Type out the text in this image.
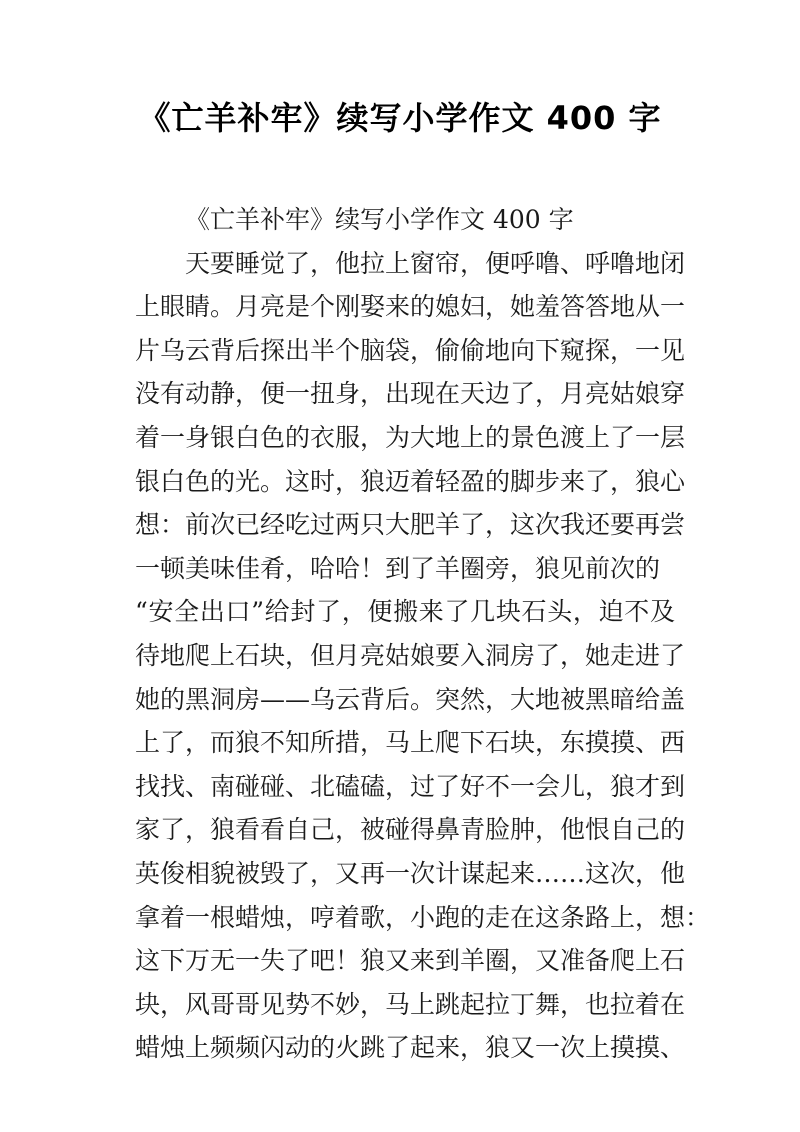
《亡羊补牢》续写小学作文 400 字
《亡羊补牢》续写小学作文 400 字
天要睡觉了，他拉上窗帘，便呼噜、呼噜地闭
上眼睛。月亮是个刚娶来的媳妇，她羞答答地从一
片乌云背后探出半个脑袋，偷偷地向下窥探，一见
没有动静，便一扭身，出现在天边了，月亮姑娘穿
着一身银白色的衣服，为大地上的景色渡上了一层
银白色的光。这时，狼迈着轻盈的脚步来了，狼心
想：前次已经吃过两只大肥羊了，这次我还要再尝
一顿美味佳肴，哈哈！到了羊圈旁，狼见前次的
“安全出口”给封了，便搬来了几块石头，迫不及
待地爬上石块，但月亮姑娘要入洞房了，她走进了
她的黑洞房——乌云背后。突然，大地被黑暗给盖
上了，而狼不知所措，马上爬下石块，东摸摸、西
找找、南碰碰、北磕磕，过了好不一会儿，狼才到
家了，狼看看自己，被碰得鼻青脸肿，他恨自己的
英俊相貌被毁了，又再一次计谋起来……这次，他
拿着一根蜡烛，哼着歌，小跑的走在这条路上，想：
这下万无一失了吧！狼又来到羊圈，又准备爬上石
块，风哥哥见势不妙，马上跳起拉丁舞，也拉着在
蜡烛上频频闪动的火跳了起来，狼又一次上摸摸、
